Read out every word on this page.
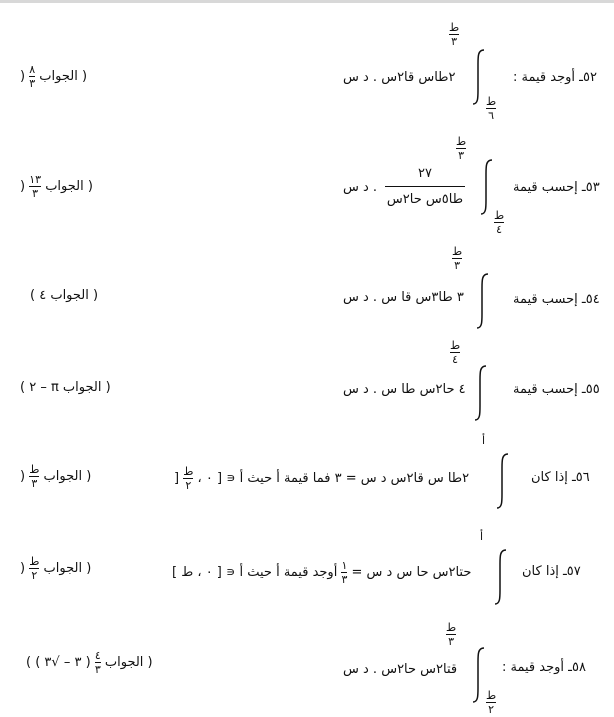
$\frac{\text{ط}}{٣}$
$\frac{\text{ط}}{٦}$
٢طاس قا٢س . د س	٥٢ـ أوجد قيمة :
) $\frac{٨}{٣}$ ( الجواب
$\frac{\text{ط}}{٣}$
$\frac{\text{ط}}{٤}$
٢٧
طا٥س حا٢س
. د س	٥٣ـ إحسب قيمة
) $\frac{١٣}{٣}$ ( الجواب
$\frac{\text{ط}}{٣}$
٣ طا٣س قا س . د س	٥٤ـ إحسب قيمة
( الجواب ٤ )
$\frac{\text{ط}}{٤}$
٤ حا٢س طا س . د س	٥٥ـ إحسب قيمة
( الجواب π – ٢ )
أ
] $\frac{\text{ط}}{٢}$ ٢طا س قا٢س د س = ٣ فما قيمة أ حيث أ ∊ [ ٠ ،	٥٦ـ إذا كان
) $\frac{\text{ط}}{٣}$ ( الجواب
أ
حتا٢س حا س د س =
$\frac{١}{٣}$
أوجد قيمة أ حيث أ ∊ [ ٠ ، ط ]	٥٧ـ إذا كان
) $\frac{\text{ط}}{٢}$ ( الجواب
$\frac{\text{ط}}{٣}$
$\frac{\text{ط}}{٢}$
قتا٢س حا٢س . د س	٥٨ـ أوجد قيمة :
( ٣ – √٣ ) ) $\frac{٤}{٣}$ ( الجواب
